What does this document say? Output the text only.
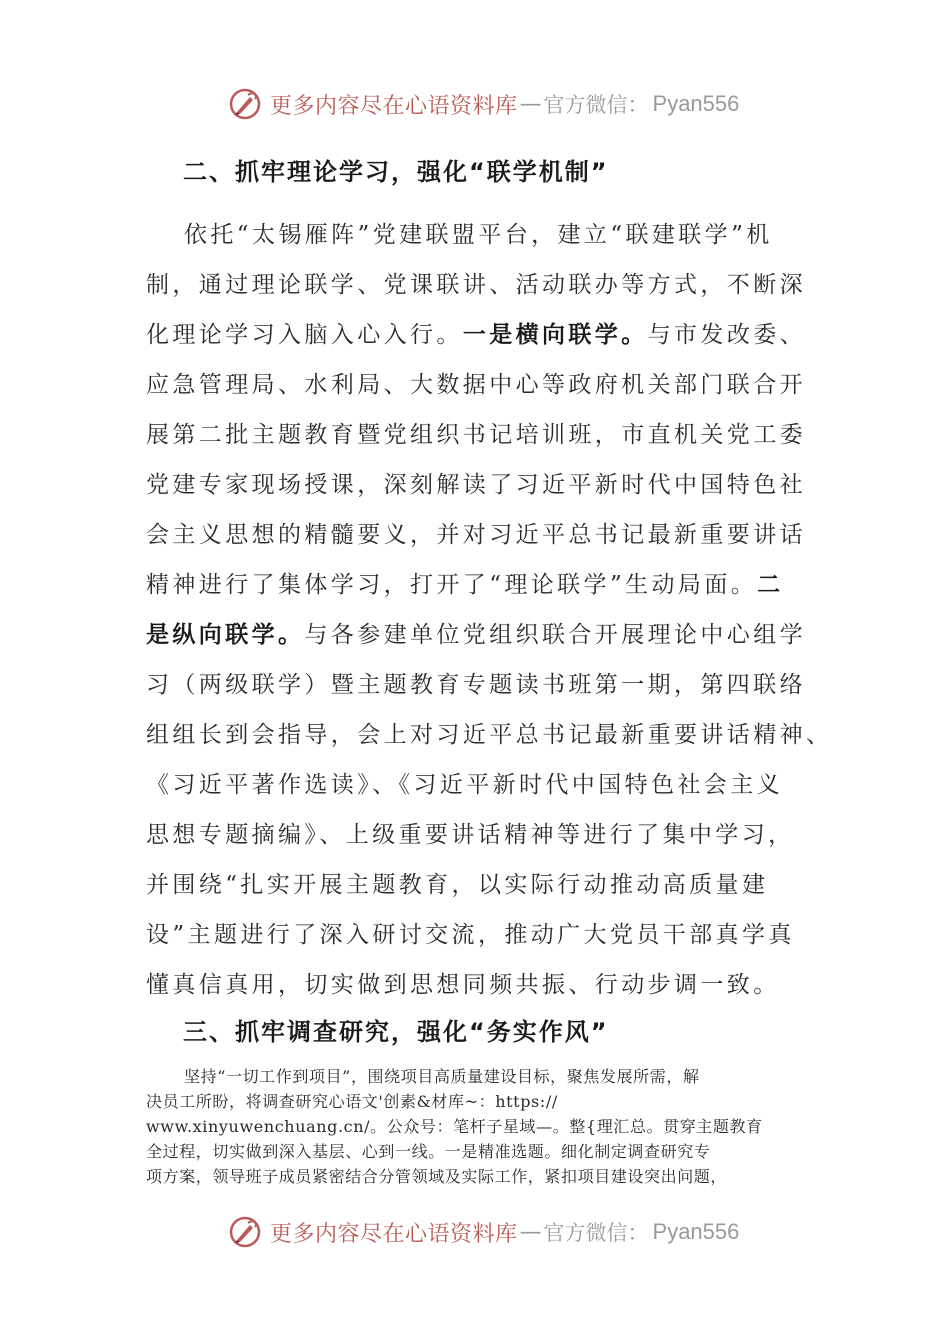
更多内容尽在心语资料库 — 官方微信： Pyan556
二、抓牢理论学习，强化“联学机制”
依托“太锡雁阵”党建联盟平台，建立“联建联学”机
制，通过理论联学、党课联讲、活动联办等方式，不断深
化理论学习入脑入心入行。一是横向联学。与市发改委、
应急管理局、水利局、大数据中心等政府机关部门联合开
展第二批主题教育暨党组织书记培训班，市直机关党工委
党建专家现场授课，深刻解读了习近平新时代中国特色社
会主义思想的精髓要义，并对习近平总书记最新重要讲话
精神进行了集体学习，打开了“理论联学”生动局面。二
是纵向联学。与各参建单位党组织联合开展理论中心组学
习（两级联学）暨主题教育专题读书班第一期，第四联络
组组长到会指导，会上对习近平总书记最新重要讲话精神、
《习近平著作选读》、《习近平新时代中国特色社会主义
思想专题摘编》、上级重要讲话精神等进行了集中学习，
并围绕“扎实开展主题教育，以实际行动推动高质量建
设”主题进行了深入研讨交流，推动广大党员干部真学真
懂真信真用，切实做到思想同频共振、行动步调一致。
三、抓牢调查研究，强化“务实作风”
坚持“一切工作到项目”，围绕项目高质量建设目标，聚焦发展所需，解
决员工所盼，将调查研究心语文'创素&材库~：https://
www.xinyuwenchuang.cn/。公众号：笔杆子星域—。整{理汇总。贯穿主题教育
全过程，切实做到深入基层、心到一线。一是精准选题。细化制定调查研究专
项方案，领导班子成员紧密结合分管领域及实际工作，紧扣项目建设突出问题，
更多内容尽在心语资料库 — 官方微信： Pyan556
